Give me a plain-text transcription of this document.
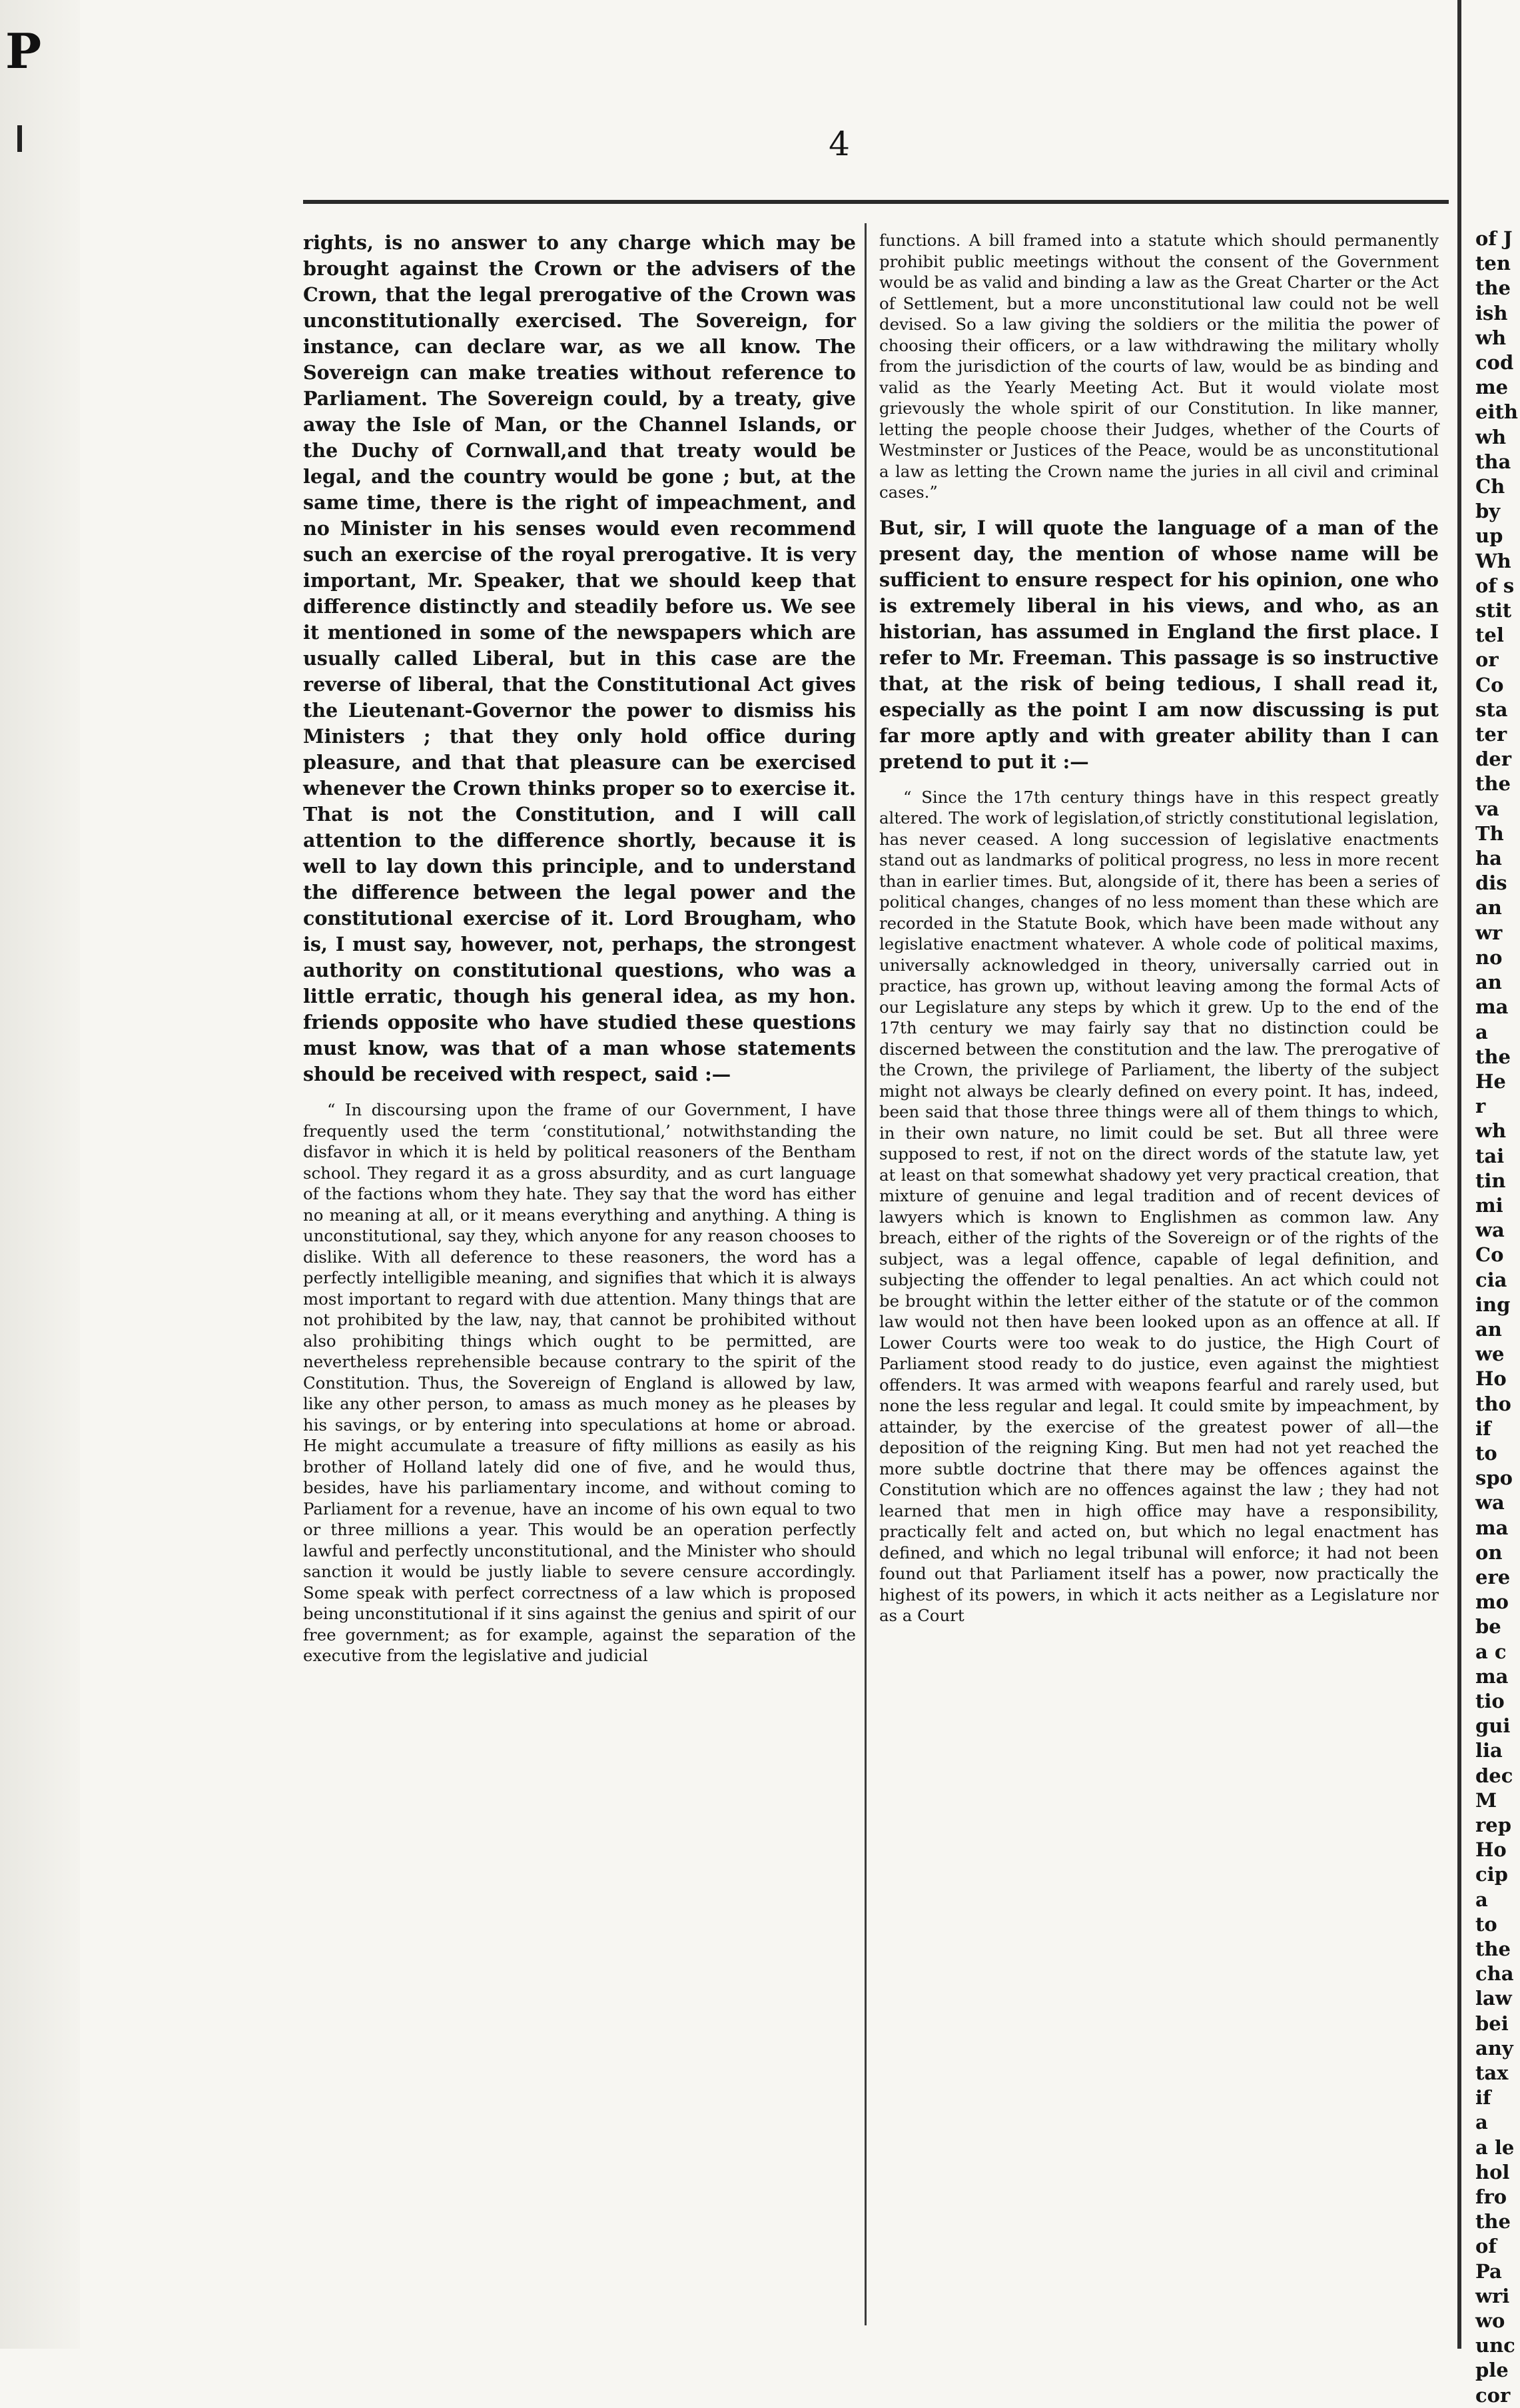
P
4

rights, is no answer to any charge which may be brought against the Crown or the advisers of the Crown, that the legal prerogative of the Crown was unconstitutionally exercised. The Sovereign, for instance, can declare war, as we all know. The Sovereign can make treaties without reference to Parliament. The Sovereign could, by a treaty, give away the Isle of Man, or the Channel Islands, or the Duchy of Cornwall,and that treaty would be legal, and the country would be gone ; but, at the same time, there is the right of impeachment, and no Minister in his senses would even recommend such an exercise of the royal prerogative. It is very important, Mr. Speaker, that we should keep that difference distinctly and steadily before us. We see it mentioned in some of the newspapers which are usually called Liberal, but in this case are the reverse of liberal, that the Constitutional Act gives the Lieutenant-Governor the power to dismiss his Ministers ; that they only hold office during pleasure, and that that pleasure can be exercised whenever the Crown thinks proper so to exercise it. That is not the Constitution, and I will call attention to the difference shortly, because it is well to lay down this principle, and to understand the difference between the legal power and the constitutional exercise of it. Lord Brougham, who is, I must say, however, not, perhaps, the strongest authority on constitutional questions, who was a little erratic, though his general idea, as my hon. friends opposite who have studied these questions must know, was that of a man whose statements should be received with respect, said :—

“ In discoursing upon the frame of our Government, I have frequently used the term ‘constitutional,’ notwithstanding the disfavor in which it is held by political reasoners of the Bentham school. They regard it as a gross absurdity, and as curt language of the factions whom they hate. They say that the word has either no meaning at all, or it means everything and anything. A thing is unconstitutional, say they, which anyone for any reason chooses to dislike. With all deference to these reasoners, the word has a perfectly intelligible meaning, and signifies that which it is always most important to regard with due attention. Many things that are not prohibited by the law, nay, that cannot be prohibited without also prohibiting things which ought to be permitted, are nevertheless reprehensible because contrary to the spirit of the Constitution. Thus, the Sovereign of England is allowed by law, like any other person, to amass as much money as he pleases by his savings, or by entering into speculations at home or abroad. He might accumulate a treasure of fifty millions as easily as his brother of Holland lately did one of five, and he would thus, besides, have his parliamentary income, and without coming to Parliament for a revenue, have an income of his own equal to two or three millions a year. This would be an operation perfectly lawful and perfectly unconstitutional, and the Minister who should sanction it would be justly liable to severe censure accordingly. Some speak with perfect correctness of a law which is proposed being unconstitutional if it sins against the genius and spirit of our free government; as for example, against the separation of the executive from the legislative and judicial

functions. A bill framed into a statute which should permanently prohibit public meetings without the consent of the Government would be as valid and binding a law as the Great Charter or the Act of Settlement, but a more unconstitutional law could not be well devised. So a law giving the soldiers or the militia the power of choosing their officers, or a law withdrawing the military wholly from the jurisdiction of the courts of law, would be as binding and valid as the Yearly Meeting Act. But it would violate most grievously the whole spirit of our Constitution. In like manner, letting the people choose their Judges, whether of the Courts of Westminster or Justices of the Peace, would be as unconstitutional a law as letting the Crown name the juries in all civil and criminal cases.”

But, sir, I will quote the language of a man of the present day, the mention of whose name will be sufficient to ensure respect for his opinion, one who is extremely liberal in his views, and who, as an historian, has assumed in England the first place. I refer to Mr. Freeman. This passage is so instructive that, at the risk of being tedious, I shall read it, especially as the point I am now discussing is put far more aptly and with greater ability than I can pretend to put it :—

“ Since the 17th century things have in this respect greatly altered. The work of legislation,of strictly constitutional legislation, has never ceased. A long succession of legislative enactments stand out as landmarks of political progress, no less in more recent than in earlier times. But, alongside of it, there has been a series of political changes, changes of no less moment than these which are recorded in the Statute Book, which have been made without any legislative enactment whatever. A whole code of political maxims, universally acknowledged in theory, universally carried out in practice, has grown up, without leaving among the formal Acts of our Legislature any steps by which it grew. Up to the end of the 17th century we may fairly say that no distinction could be discerned between the constitution and the law. The prerogative of the Crown, the privilege of Parliament, the liberty of the subject might not always be clearly defined on every point. It has, indeed, been said that those three things were all of them things to which, in their own nature, no limit could be set. But all three were supposed to rest, if not on the direct words of the statute law, yet at least on that somewhat shadowy yet very practical creation, that mixture of genuine and legal tradition and of recent devices of lawyers which is known to Englishmen as common law. Any breach, either of the rights of the Sovereign or of the rights of the subject, was a legal offence, capable of legal definition, and subjecting the offender to legal penalties. An act which could not be brought within the letter either of the statute or of the common law would not then have been looked upon as an offence at all. If Lower Courts were too weak to do justice, the High Court of Parliament stood ready to do justice, even against the mightiest offenders. It was armed with weapons fearful and rarely used, but none the less regular and legal. It could smite by impeachment, by attainder, by the exercise of the greatest power of all—the deposition of the reigning King. But men had not yet reached the more subtle doctrine that there may be offences against the Constitution which are no offences against the law ; they had not learned that men in high office may have a responsibility, practically felt and acted on, but which no legal enactment has defined, and which no legal tribunal will enforce; it had not been found out that Parliament itself has a power, now practically the highest of its powers, in which it acts neither as a Legislature nor as a Court

of J
ten
the
ish
wh
cod
me
eith
wh
tha
Ch
by
up
Wh
of s
stit
tel
or
Co
sta
ter
der
the
va
Th
ha
dis
an
wr
no
an
ma
a
the
He
r
wh
tai
tin
mi
wa
Co
cia
ing
an
we
Ho
tho
if
to
spo
wa
ma
on
ere
mo
be
a c
ma
tio
gui
lia
dec
M
rep
Ho
cip
a
to
the
cha
law
bei
any
tax
if
a
a le
hol
fro
the
of
Pa
wri
wo
unc
ple
cor
